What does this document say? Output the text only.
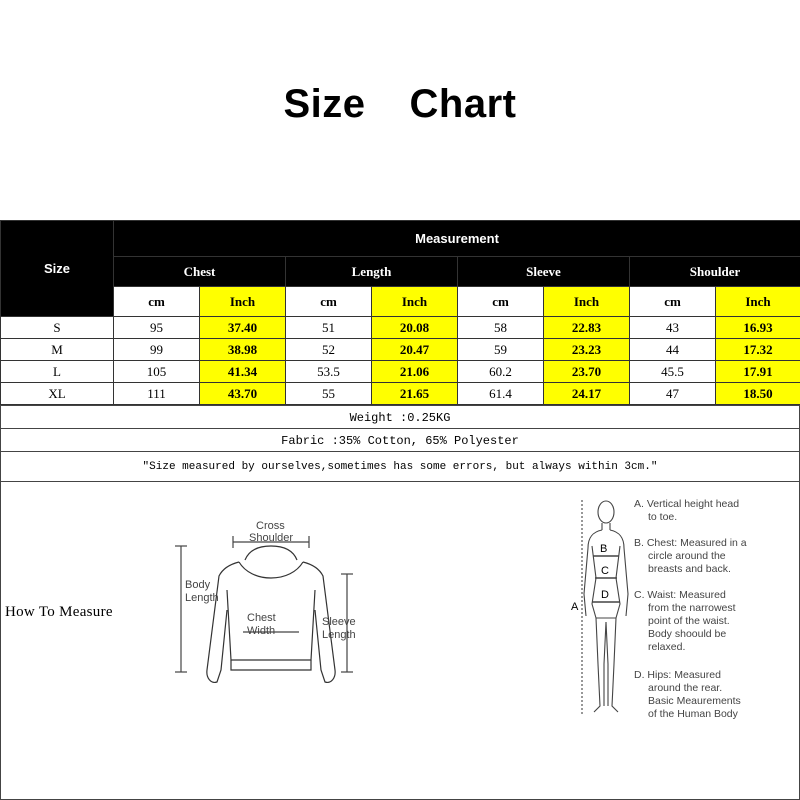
Size Chart
Size	Measurement							
	Chest		Length		Sleeve		Shoulder	
	cm	Inch	cm	Inch	cm	Inch	cm	Inch
S	95	37.40	51	20.08	58	22.83	43	16.93
M	99	38.98	52	20.47	59	23.23	44	17.32
L	105	41.34	53.5	21.06	60.2	23.70	45.5	17.91
XL	111	43.70	55	21.65	61.4	24.17	47	18.50
Weight :0.25KG
Fabric :35% Cotton, 65% Polyester
"Size measured by ourselves,sometimes has some errors, but always within 3cm."
How To Measure
Cross
Shoulder
Body
Length
Chest
Width
Sleeve
Length
B
C
D
A
A. Vertical height head
to toe.
B. Chest: Measured in a
circle around the
breasts and back.
C. Waist: Measured
from the narrowest
point of the waist.
Body shoould be
relaxed.
D. Hips: Measured
around the rear.
Basic Meaurements
of the Human Body
